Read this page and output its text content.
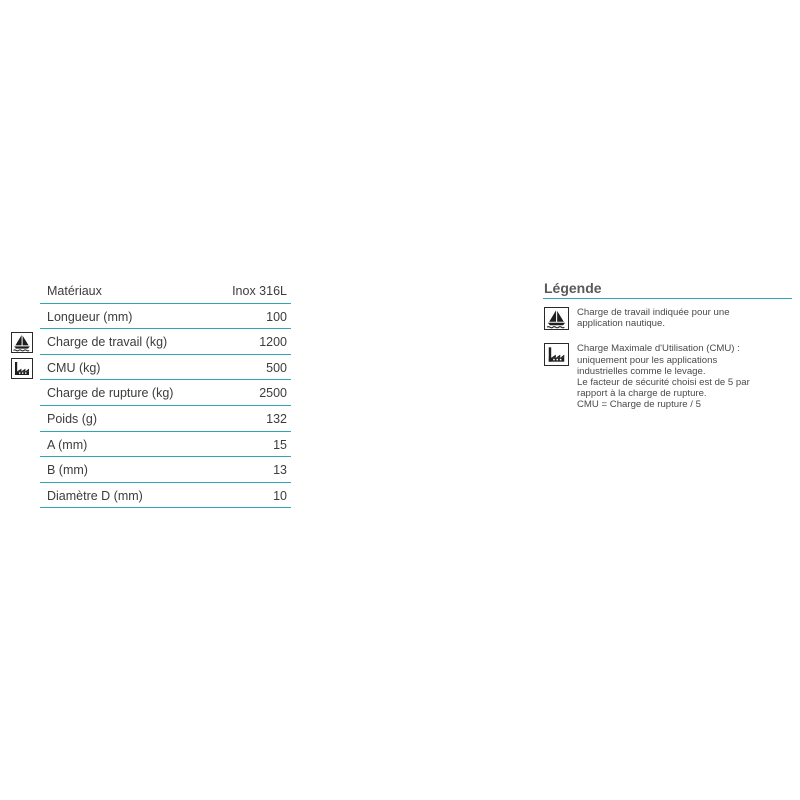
Matériaux	Inox 316L
Longueur (mm)	100
Charge de travail (kg)	1200
CMU (kg)	500
Charge de rupture (kg)	2500
Poids (g)	132
A (mm)	15
B (mm)	13
Diamètre D (mm)	10
Légende
Charge de travail indiquée pour une
application nautique.
Charge Maximale d'Utilisation (CMU) :
uniquement pour les applications
industrielles comme le levage.
Le facteur de sécurité choisi est de 5 par
rapport à la charge de rupture.
CMU = Charge de rupture / 5
